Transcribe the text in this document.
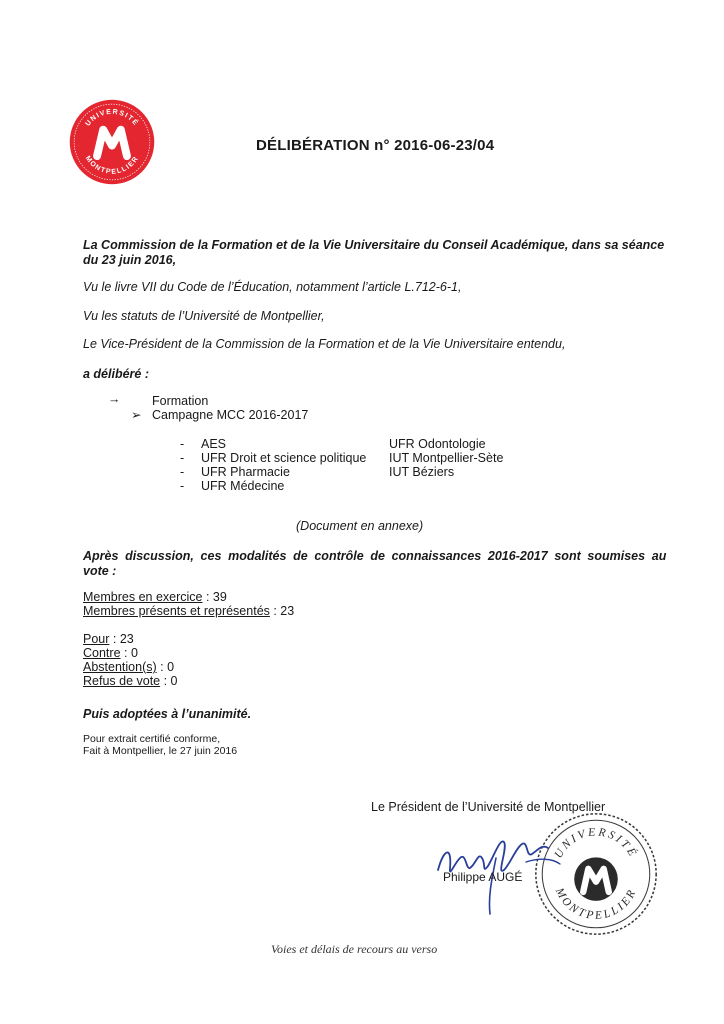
UNIVERSITÉ
MONTPELLIER
DÉLIBÉRATION n° 2016-06-23/04
La Commission de la Formation et de la Vie Universitaire du Conseil Académique, dans sa séance
du 23 juin 2016,
Vu le livre VII du Code de l’Éducation, notamment l’article L.712-6-1,
Vu les statuts de l’Université de Montpellier,
Le Vice-Président de la Commission de la Formation et de la Vie Universitaire entendu,
a délibéré :
→	Formation
➢ Campagne MCC 2016-2017
- AES
- UFR Droit et science politique
- UFR Pharmacie
- UFR Médecine
UFR Odontologie
IUT Montpellier-Sète
IUT Béziers
(Document en annexe)
Après discussion, ces modalités de contrôle de connaissances 2016-2017 sont soumises au
vote :
Membres en exercice : 39
Membres présents et représentés : 23
Pour : 23
Contre : 0
Abstention(s) : 0
Refus de vote : 0
Puis adoptées à l’unanimité.
Pour extrait certifié conforme,
Fait à Montpellier, le 27 juin 2016
Le Président de l’Université de Montpellier
UNIVERSITÉ
MONTPELLIER
Philippe AUGÉ
Voies et délais de recours au verso
